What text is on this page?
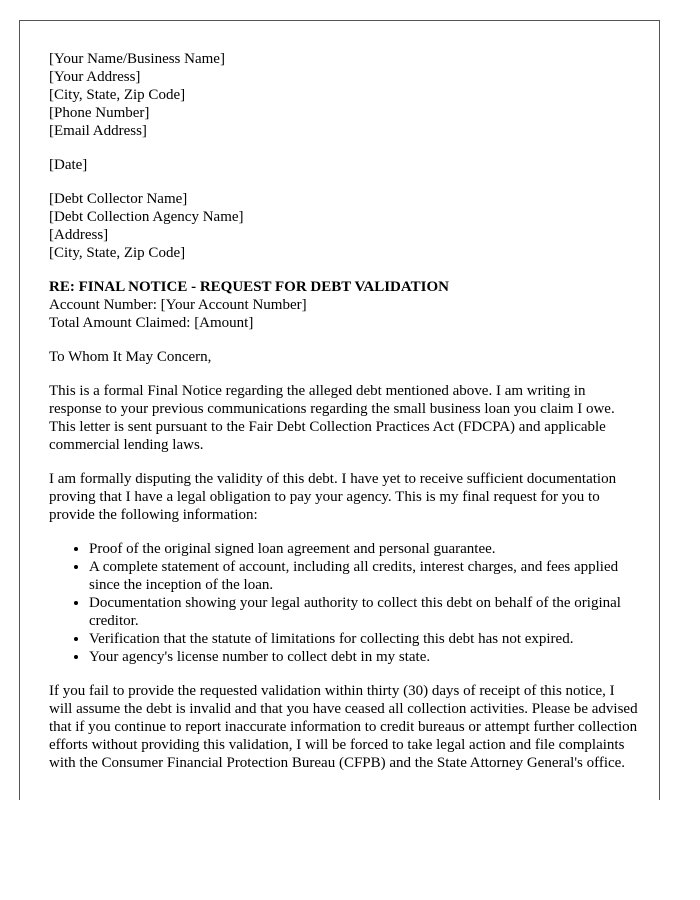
[Your Name/Business Name]
[Your Address]
[City, State, Zip Code]
[Phone Number]
[Email Address]
[Date]
[Debt Collector Name]
[Debt Collection Agency Name]
[Address]
[City, State, Zip Code]
RE: FINAL NOTICE - REQUEST FOR DEBT VALIDATION
Account Number: [Your Account Number]
Total Amount Claimed: [Amount]

To Whom It May Concern,

This is a formal Final Notice regarding the alleged debt mentioned above. I am writing in response to your previous communications regarding the small business loan you claim I owe. This letter is sent pursuant to the Fair Debt Collection Practices Act (FDCPA) and applicable commercial lending laws.

I am formally disputing the validity of this debt. I have yet to receive sufficient documentation proving that I have a legal obligation to pay your agency. This is my final request for you to provide the following information:

• Proof of the original signed loan agreement and personal guarantee.
• A complete statement of account, including all credits, interest charges, and fees applied since the inception of the loan.
• Documentation showing your legal authority to collect this debt on behalf of the original creditor.
• Verification that the statute of limitations for collecting this debt has not expired.
• Your agency's license number to collect debt in my state.

If you fail to provide the requested validation within thirty (30) days of receipt of this notice, I will assume the debt is invalid and that you have ceased all collection activities. Please be advised that if you continue to report inaccurate information to credit bureaus or attempt further collection efforts without providing this validation, I will be forced to take legal action and file complaints with the Consumer Financial Protection Bureau (CFPB) and the State Attorney General's office.
